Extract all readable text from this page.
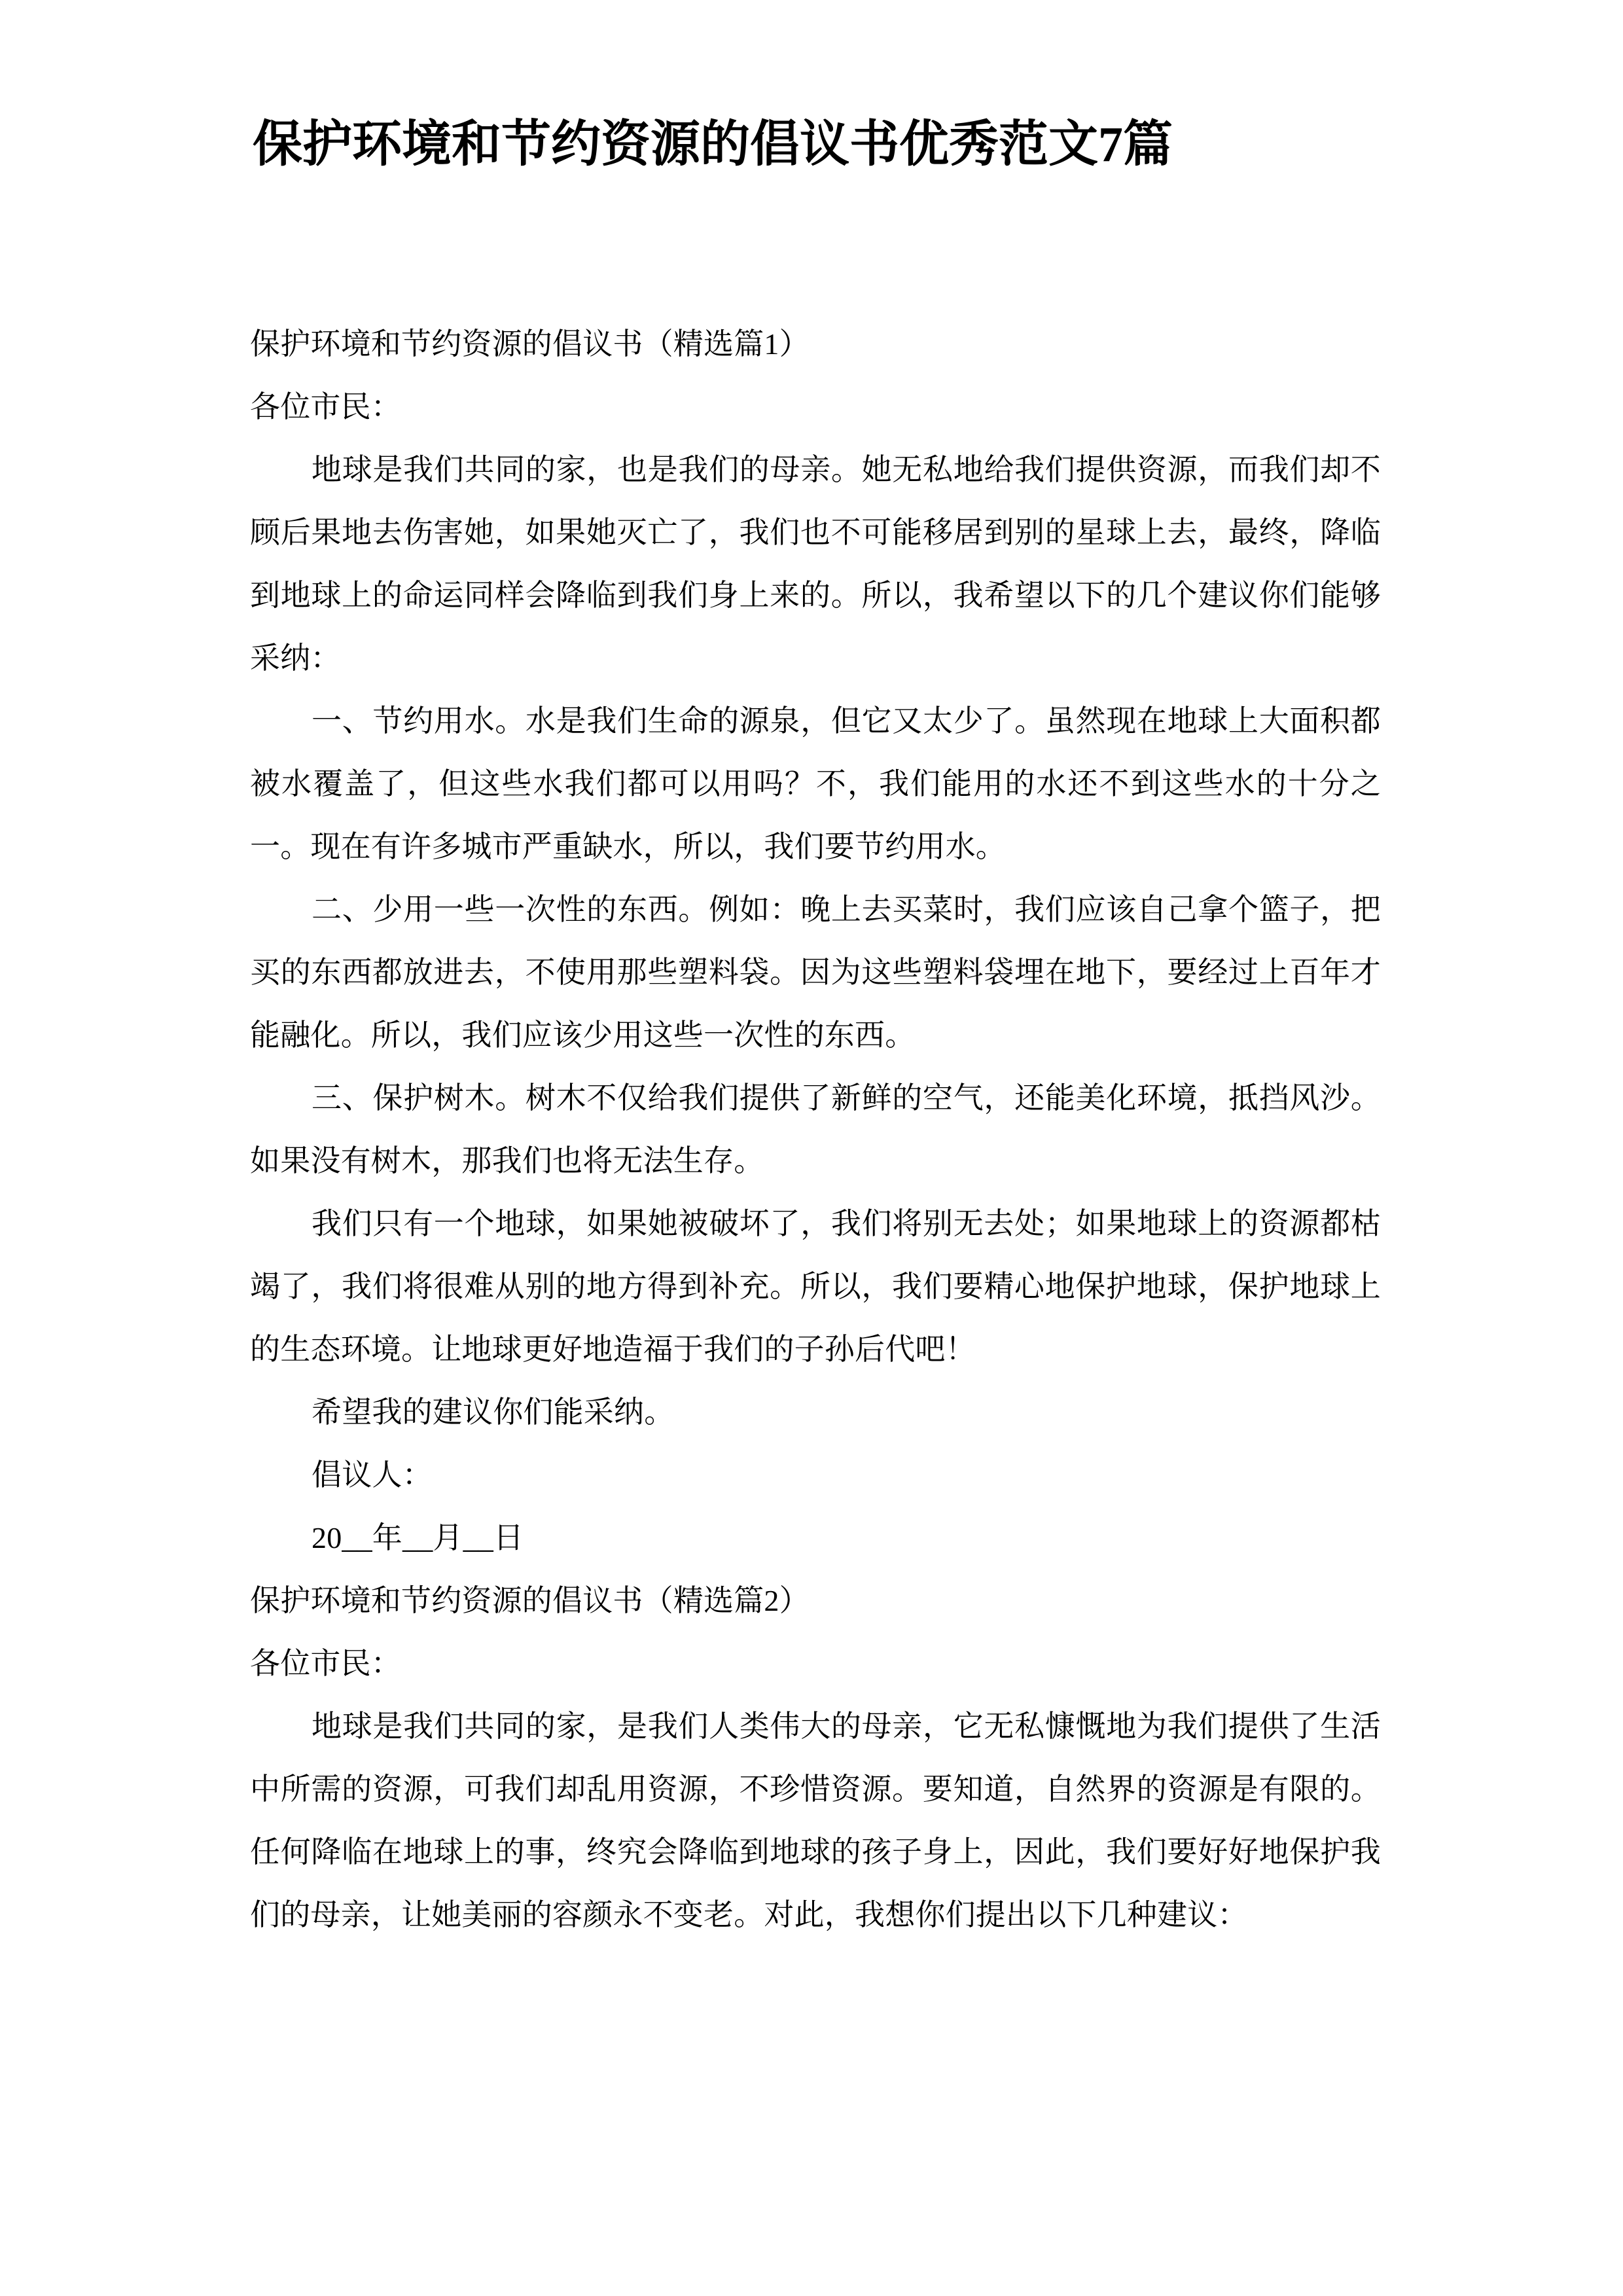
保护环境和节约资源的倡议书优秀范文7篇

保护环境和节约资源的倡议书（精选篇1）

各位市民：

地球是我们共同的家，也是我们的母亲。她无私地给我们提供资源，而我们却不顾后果地去伤害她，如果她灭亡了，我们也不可能移居到别的星球上去，最终，降临到地球上的命运同样会降临到我们身上来的。所以，我希望以下的几个建议你们能够采纳：

一、节约用水。水是我们生命的源泉，但它又太少了。虽然现在地球上大面积都被水覆盖了，但这些水我们都可以用吗？不，我们能用的水还不到这些水的十分之一。现在有许多城市严重缺水，所以，我们要节约用水。

二、少用一些一次性的东西。例如：晚上去买菜时，我们应该自己拿个篮子，把买的东西都放进去，不使用那些塑料袋。因为这些塑料袋埋在地下，要经过上百年才能融化。所以，我们应该少用这些一次性的东西。

三、保护树木。树木不仅给我们提供了新鲜的空气，还能美化环境，抵挡风沙。如果没有树木，那我们也将无法生存。

我们只有一个地球，如果她被破坏了，我们将别无去处；如果地球上的资源都枯竭了，我们将很难从别的地方得到补充。所以，我们要精心地保护地球，保护地球上的生态环境。让地球更好地造福于我们的子孙后代吧！

希望我的建议你们能采纳。

倡议人：

20__年__月__日

保护环境和节约资源的倡议书（精选篇2）

各位市民：

地球是我们共同的家，是我们人类伟大的母亲，它无私慷慨地为我们提供了生活中所需的资源，可我们却乱用资源，不珍惜资源。要知道，自然界的资源是有限的。任何降临在地球上的事，终究会降临到地球的孩子身上，因此，我们要好好地保护我们的母亲，让她美丽的容颜永不变老。对此，我想你们提出以下几种建议：
